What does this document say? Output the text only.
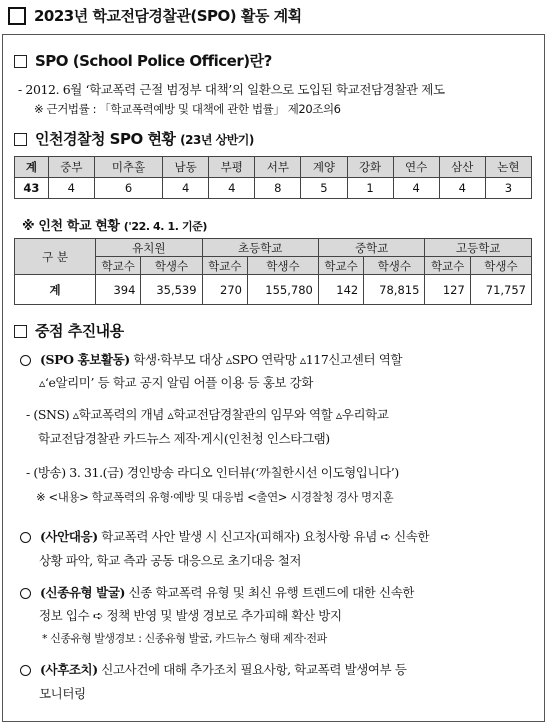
2023년 학교전담경찰관(SPO) 활동 계획
SPO (School Police Officer)란?
- 2012. 6월 ‘학교폭력 근절 범정부 대책’의 일환으로 도입된 학교전담경찰관 제도
※ 근거법률 : 「학교폭력예방 및 대책에 관한 법률」 제20조의6
인천경찰청 SPO 현황 (23년 상반기)
계	중부	미추홀	남동	부평	서부	계양	강화	연수	삼산	논현
43	4	6	4	4	8	5	1	4	4	3
※ 인천 학교 현황 ('22. 4. 1. 기준)
구 분	유치원		초등학교		중학교		고등학교	
	학교수	학생수	학교수	학생수	학교수	학생수	학교수	학생수
계	394	35,539	270	155,780	142	78,815	127	71,757
중점 추진내용
(SPO 홍보활동) 학생·학부모 대상 ▵SPO 연락망 ▵117신고센터 역할
▵‘e알리미’ 등 학교 공지 알림 어플 이용 등 홍보 강화
- (SNS) ▵학교폭력의 개념 ▵학교전담경찰관의 임무와 역할 ▵우리학교
학교전담경찰관 카드뉴스 제작·게시(인천청 인스타그램)
- (방송) 3. 31.(금) 경인방송 라디오 인터뷰(‘까칠한시선 이도형입니다’)
※ <내용> 학교폭력의 유형·예방 및 대응법 <출연> 시경찰청 경사 명지훈
(사안대응) 학교폭력 사안 발생 시 신고자(피해자) 요청사항 유념 ➪ 신속한
상황 파악, 학교 측과 공동 대응으로 초기대응 철저
(신종유형 발굴) 신종 학교폭력 유형 및 최신 유행 트렌드에 대한 신속한
정보 입수 ➪ 정책 반영 및 발생 경보로 추가피해 확산 방지
* 신종유형 발생경보 : 신종유형 발굴, 카드뉴스 형태 제작·전파
(사후조치) 신고사건에 대해 추가조치 필요사항, 학교폭력 발생여부 등
모니터링
